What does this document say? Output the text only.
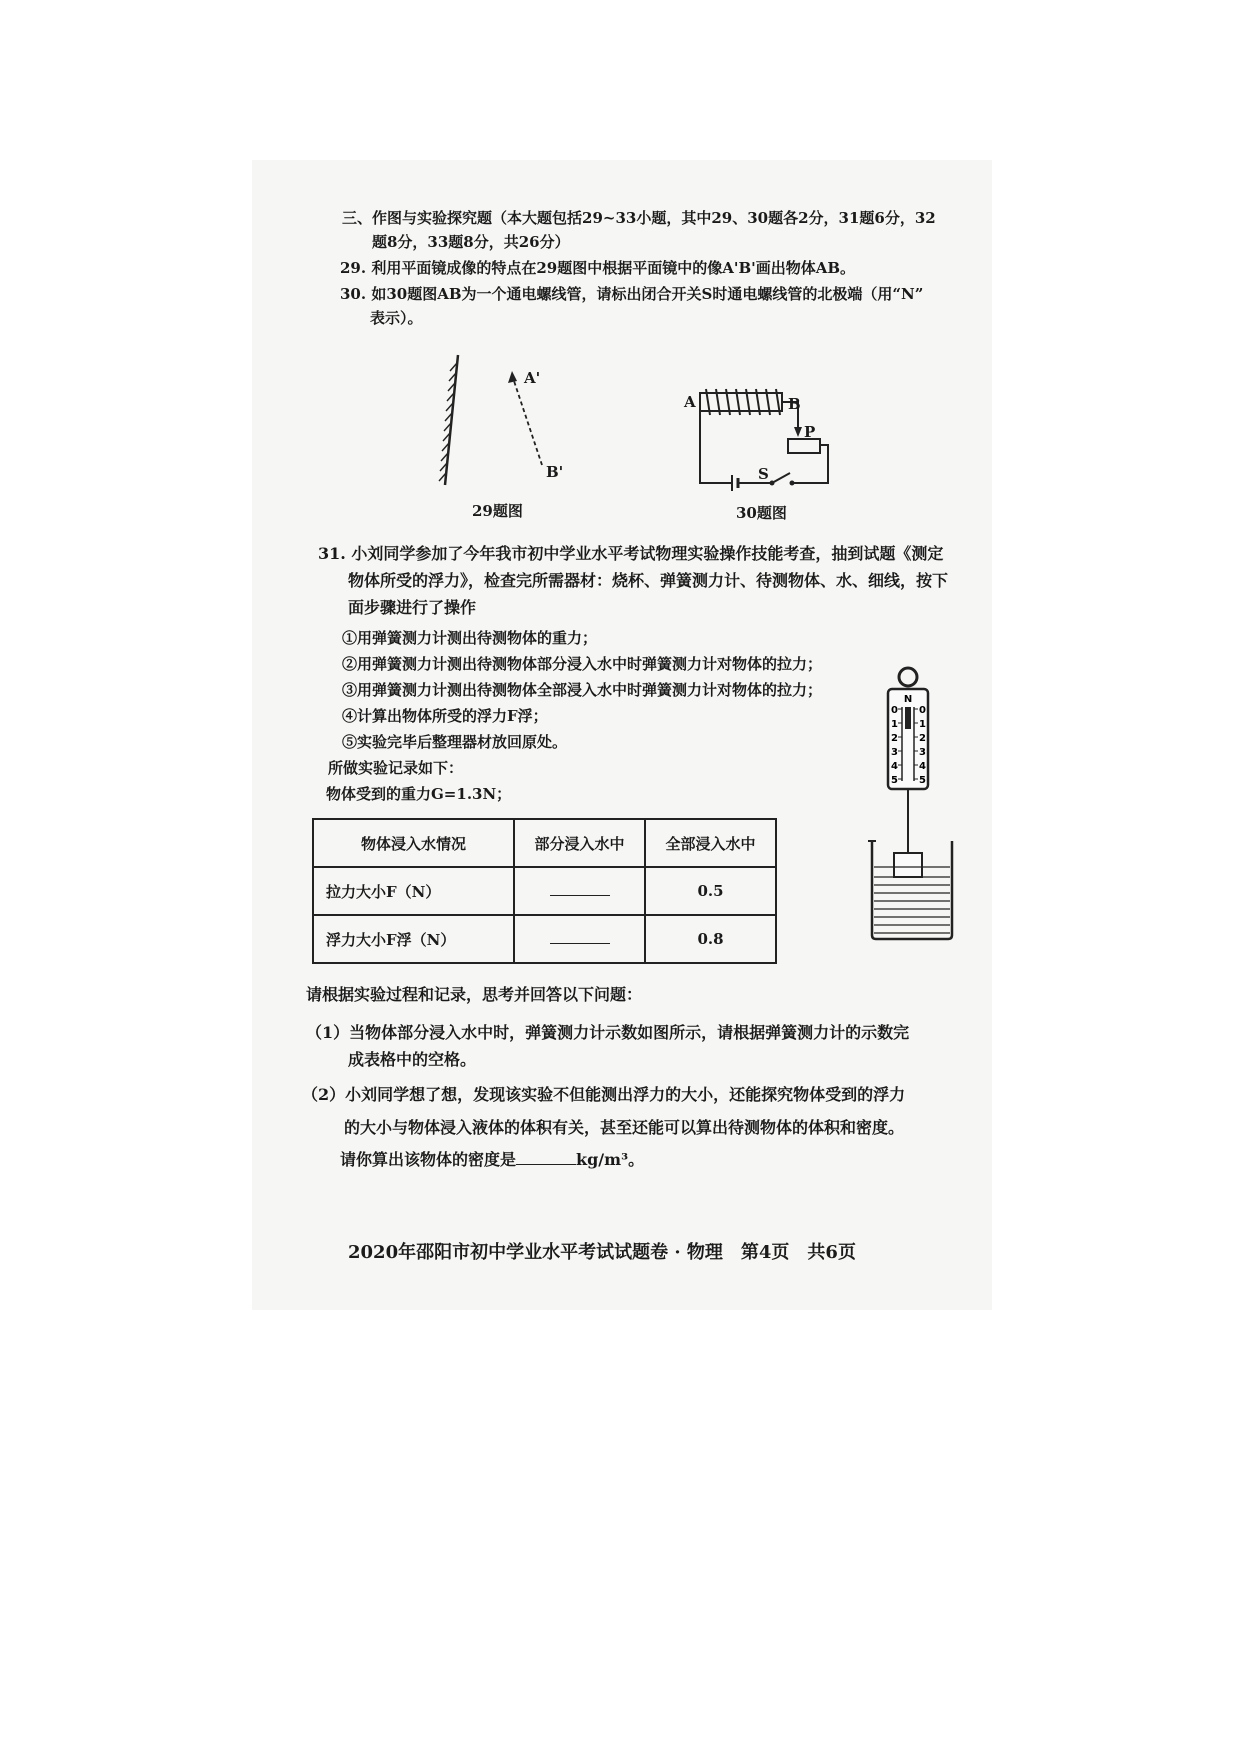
三、作图与实验探究题（本大题包括29~33小题，其中29、30题各2分，31题6分，32
题8分，33题8分，共26分）
29. 利用平面镜成像的特点在29题图中根据平面镜中的像A'B'画出物体AB。
30. 如30题图AB为一个通电螺线管，请标出闭合开关S时通电螺线管的北极端（用“N”
表示）。
A'
B'
29题图
A	B
P
S
30题图
31. 小刘同学参加了今年我市初中学业水平考试物理实验操作技能考查，抽到试题《测定
物体所受的浮力》，检查完所需器材：烧杯、弹簧测力计、待测物体、水、细线，按下
面步骤进行了操作
①用弹簧测力计测出待测物体的重力；
②用弹簧测力计测出待测物体部分浸入水中时弹簧测力计对物体的拉力；
③用弹簧测力计测出待测物体全部浸入水中时弹簧测力计对物体的拉力；
④计算出物体所受的浮力F浮；
⑤实验完毕后整理器材放回原处。
所做实验记录如下：
物体受到的重力G=1.3N；
物体浸入水情况	部分浸入水中	全部浸入水中
拉力大小F（N）		0.5
浮力大小F浮（N）		0.8
N
0
1
2
3
4
5
0
1
2
3
4
5
请根据实验过程和记录，思考并回答以下问题：
（1）当物体部分浸入水中时，弹簧测力计示数如图所示，请根据弹簧测力计的示数完
成表格中的空格。
（2）小刘同学想了想，发现该实验不但能测出浮力的大小，还能探究物体受到的浮力
的大小与物体浸入液体的体积有关，甚至还能可以算出待测物体的体积和密度。
请你算出该物体的密度是	kg/m³。
2020年邵阳市初中学业水平考试试题卷 · 物理　第4页　共6页
